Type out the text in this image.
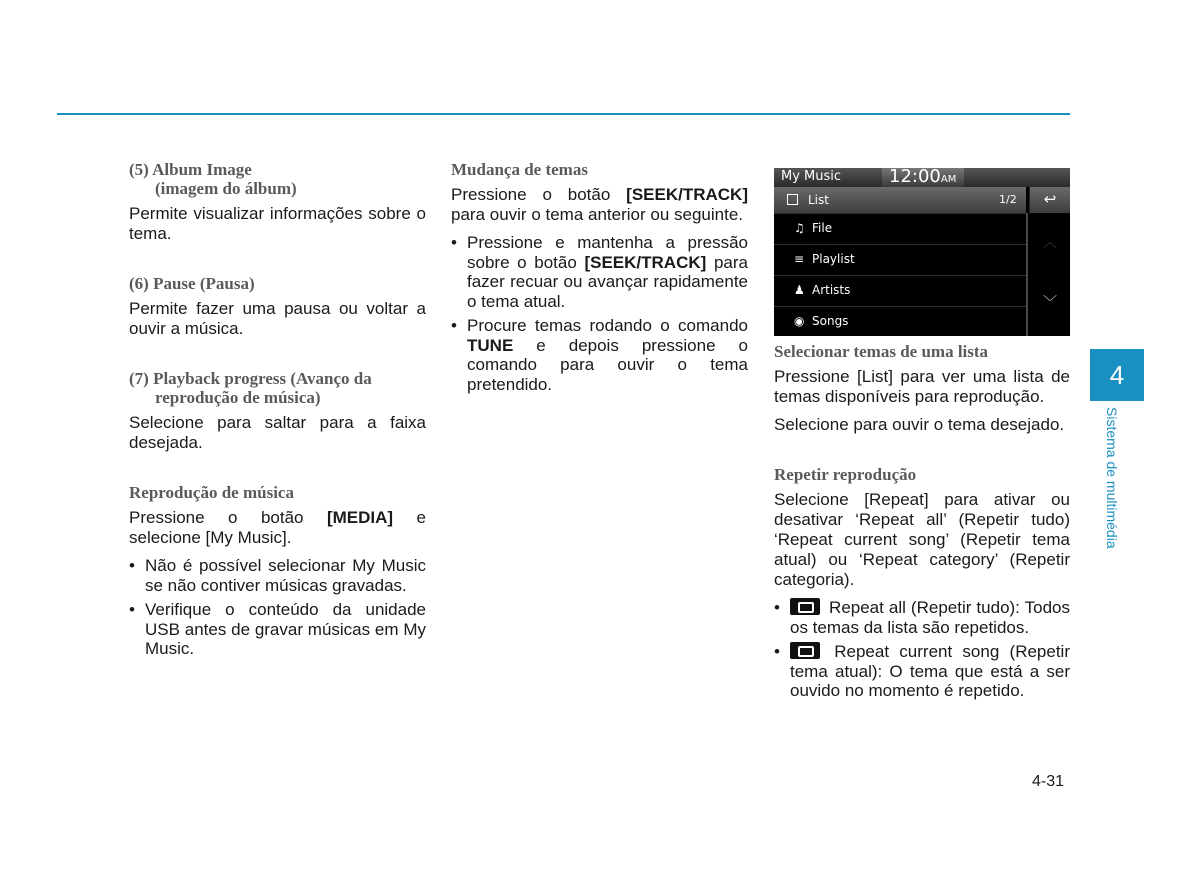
(5) Album Image
(imagem do álbum)

Permite visualizar informações sobre o tema.

(6) Pause (Pausa)

Permite fazer uma pausa ou voltar a ouvir a música.

(7) Playback progress (Avanço da
reprodução de música)

Selecione para saltar para a faixa desejada.

Reprodução de música

Pressione o botão [MEDIA] e selecione [My Music].

• Não é possível selecionar My Music se não contiver músicas gravadas.
• Verifique o conteúdo da unidade USB antes de gravar músicas em My Music.
Mudança de temas

Pressione o botão [SEEK/TRACK] para ouvir o tema anterior ou seguinte.

• Pressione e mantenha a pressão sobre o botão [SEEK/TRACK] para fazer recuar ou avançar rapidamente o tema atual.
• Procure temas rodando o comando TUNE e depois pressione o comando para ouvir o tema pretendido.
My Music	12:00AM
List	1/2	↩
♫ File
≡ Playlist
♟ Artists
◉ Songs
︿
﹀
Selecionar temas de uma lista

Pressione [List] para ver uma lista de temas disponíveis para reprodução.

Selecione para ouvir o tema desejado.

Repetir reprodução

Selecione [Repeat] para ativar ou desativar ‘Repeat all’ (Repetir tudo) ‘Repeat current song’ (Repetir tema atual) ou ‘Repeat category’ (Repetir categoria).

•	Repeat all (Repetir tudo): Todos os temas da lista são repetidos.
•	Repeat current song (Repetir tema atual): O tema que está a ser ouvido no momento é repetido.
4
Sistema de multimédia
4-31
